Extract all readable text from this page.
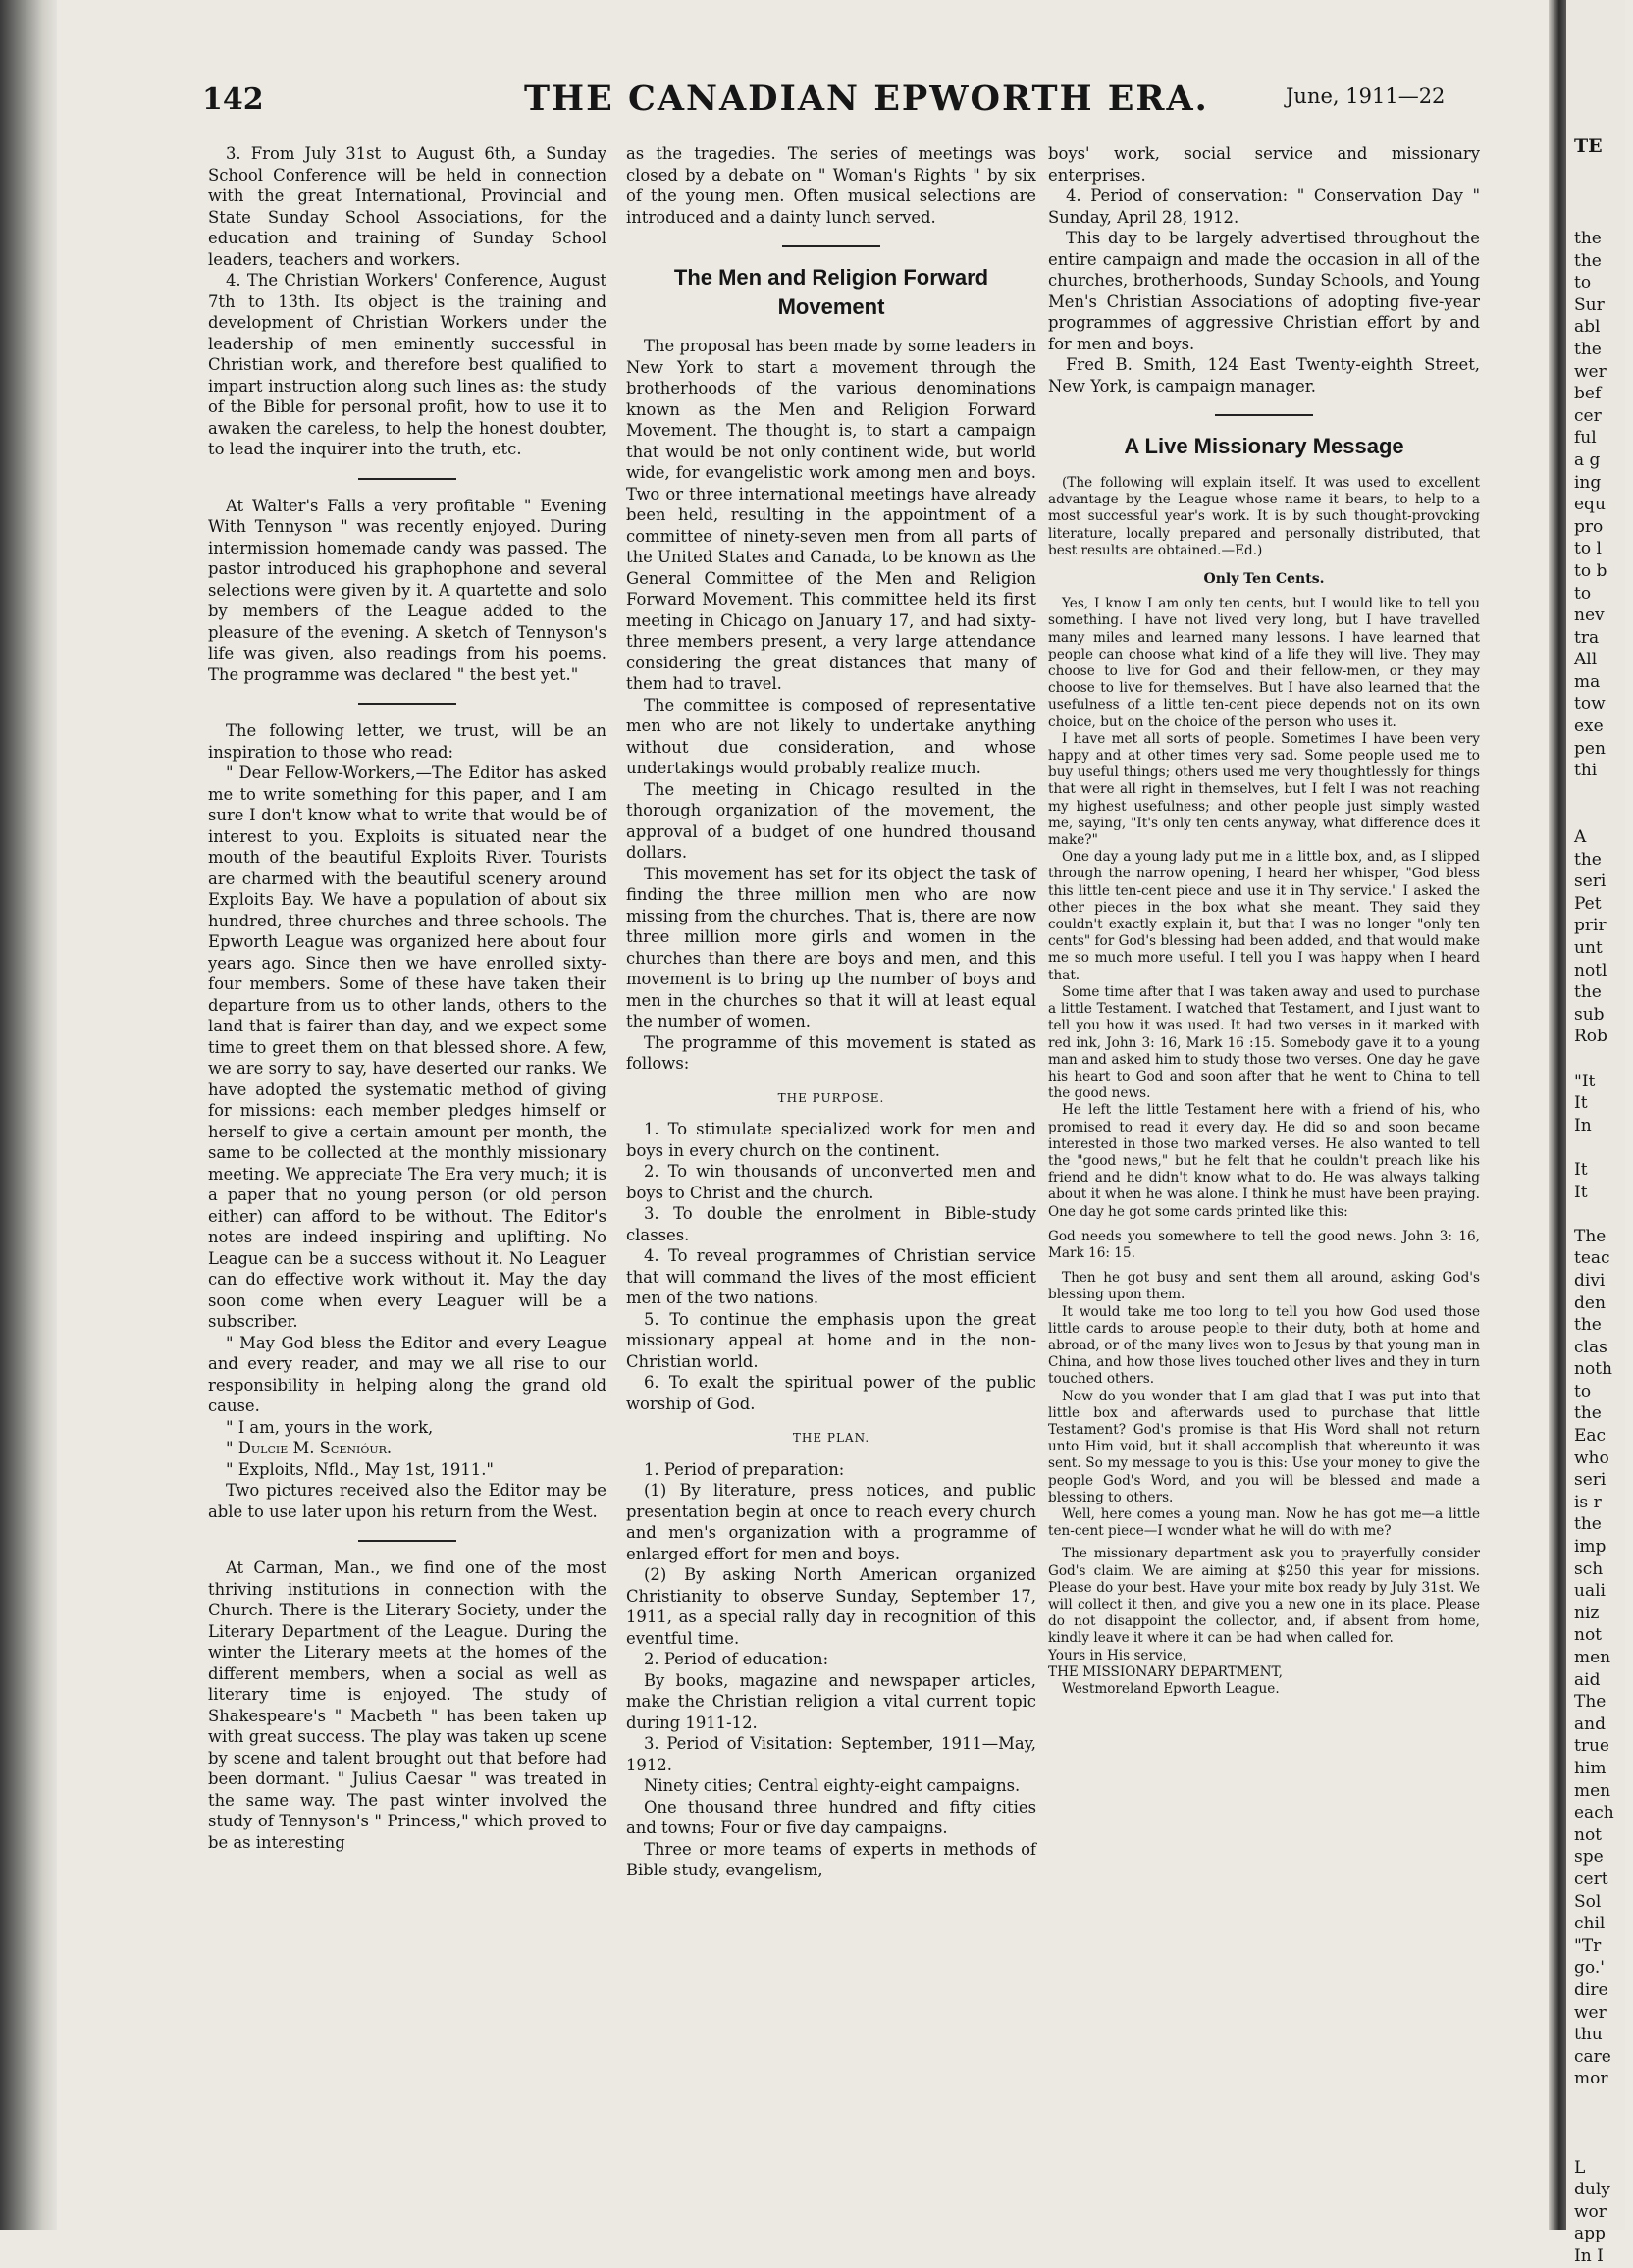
142	THE CANADIAN EPWORTH ERA.	June, 1911—22

3. From July 31st to August 6th, a Sunday School Conference will be held in connection with the great International, Provincial and State Sunday School Associations, for the education and training of Sunday School leaders, teachers and workers.

4. The Christian Workers' Conference, August 7th to 13th. Its object is the training and development of Christian Workers under the leadership of men eminently successful in Christian work, and therefore best qualified to impart instruction along such lines as: the study of the Bible for personal profit, how to use it to awaken the careless, to help the honest doubter, to lead the inquirer into the truth, etc.

At Walter's Falls a very profitable " Evening With Tennyson " was recently enjoyed. During intermission homemade candy was passed. The pastor introduced his graphophone and several selections were given by it. A quartette and solo by members of the League added to the pleasure of the evening. A sketch of Tennyson's life was given, also readings from his poems. The programme was declared " the best yet."

The following letter, we trust, will be an inspiration to those who read:

" Dear Fellow-Workers,—The Editor has asked me to write something for this paper, and I am sure I don't know what to write that would be of interest to you. Exploits is situated near the mouth of the beautiful Exploits River. Tourists are charmed with the beautiful scenery around Exploits Bay. We have a population of about six hundred, three churches and three schools. The Epworth League was organized here about four years ago. Since then we have enrolled sixty-four members. Some of these have taken their departure from us to other lands, others to the land that is fairer than day, and we expect some time to greet them on that blessed shore. A few, we are sorry to say, have deserted our ranks. We have adopted the systematic method of giving for missions: each member pledges himself or herself to give a certain amount per month, the same to be collected at the monthly missionary meeting. We appreciate The Era very much; it is a paper that no young person (or old person either) can afford to be without. The Editor's notes are indeed inspiring and uplifting. No League can be a success without it. No Leaguer can do effective work without it. May the day soon come when every Leaguer will be a subscriber.

" May God bless the Editor and every League and every reader, and may we all rise to our responsibility in helping along the grand old cause.

" I am, yours in the work,

" Dulcie M. Scenióur.

" Exploits, Nfld., May 1st, 1911."

Two pictures received also the Editor may be able to use later upon his return from the West.

At Carman, Man., we find one of the most thriving institutions in connection with the Church. There is the Literary Society, under the Literary Department of the League. During the winter the Literary meets at the homes of the different members, when a social as well as literary time is enjoyed. The study of Shakespeare's " Macbeth " has been taken up with great success. The play was taken up scene by scene and talent brought out that before had been dormant. " Julius Caesar " was treated in the same way. The past winter involved the study of Tennyson's " Princess," which proved to be as interesting

as the tragedies. The series of meetings was closed by a debate on " Woman's Rights " by six of the young men. Often musical selections are introduced and a dainty lunch served.

The Men and Religion Forward Movement

The proposal has been made by some leaders in New York to start a movement through the brotherhoods of the various denominations known as the Men and Religion Forward Movement. The thought is, to start a campaign that would be not only continent wide, but world wide, for evangelistic work among men and boys. Two or three international meetings have already been held, resulting in the appointment of a committee of ninety-seven men from all parts of the United States and Canada, to be known as the General Committee of the Men and Religion Forward Movement. This committee held its first meeting in Chicago on January 17, and had sixty-three members present, a very large attendance considering the great distances that many of them had to travel.

The committee is composed of representative men who are not likely to undertake anything without due consideration, and whose undertakings would probably realize much.

The meeting in Chicago resulted in the thorough organization of the movement, the approval of a budget of one hundred thousand dollars.

This movement has set for its object the task of finding the three million men who are now missing from the churches. That is, there are now three million more girls and women in the churches than there are boys and men, and this movement is to bring up the number of boys and men in the churches so that it will at least equal the number of women.

The programme of this movement is stated as follows:

THE PURPOSE.

1. To stimulate specialized work for men and boys in every church on the continent.

2. To win thousands of unconverted men and boys to Christ and the church.

3. To double the enrolment in Bible-study classes.

4. To reveal programmes of Christian service that will command the lives of the most efficient men of the two nations.

5. To continue the emphasis upon the great missionary appeal at home and in the non-Christian world.

6. To exalt the spiritual power of the public worship of God.

THE PLAN.

1. Period of preparation:

(1) By literature, press notices, and public presentation begin at once to reach every church and men's organization with a programme of enlarged effort for men and boys.

(2) By asking North American organized Christianity to observe Sunday, September 17, 1911, as a special rally day in recognition of this eventful time.

2. Period of education:

By books, magazine and newspaper articles, make the Christian religion a vital current topic during 1911-12.

3. Period of Visitation: September, 1911—May, 1912.

Ninety cities; Central eighty-eight campaigns.

One thousand three hundred and fifty cities and towns; Four or five day campaigns.

Three or more teams of experts in methods of Bible study, evangelism,

boys' work, social service and missionary enterprises.

4. Period of conservation: " Conservation Day " Sunday, April 28, 1912.

This day to be largely advertised throughout the entire campaign and made the occasion in all of the churches, brotherhoods, Sunday Schools, and Young Men's Christian Associations of adopting five-year programmes of aggressive Christian effort by and for men and boys.

Fred B. Smith, 124 East Twenty-eighth Street, New York, is campaign manager.

A Live Missionary Message

(The following will explain itself. It was used to excellent advantage by the League whose name it bears, to help to a most successful year's work. It is by such thought-provoking literature, locally prepared and personally distributed, that best results are obtained.—Ed.)

Only Ten Cents.

Yes, I know I am only ten cents, but I would like to tell you something. I have not lived very long, but I have travelled many miles and learned many lessons. I have learned that people can choose what kind of a life they will live. They may choose to live for God and their fellow-men, or they may choose to live for themselves. But I have also learned that the usefulness of a little ten-cent piece depends not on its own choice, but on the choice of the person who uses it.

I have met all sorts of people. Sometimes I have been very happy and at other times very sad. Some people used me to buy useful things; others used me very thoughtlessly for things that were all right in themselves, but I felt I was not reaching my highest usefulness; and other people just simply wasted me, saying, "It's only ten cents anyway, what difference does it make?"

One day a young lady put me in a little box, and, as I slipped through the narrow opening, I heard her whisper, "God bless this little ten-cent piece and use it in Thy service." I asked the other pieces in the box what she meant. They said they couldn't exactly explain it, but that I was no longer "only ten cents" for God's blessing had been added, and that would make me so much more useful. I tell you I was happy when I heard that.

Some time after that I was taken away and used to purchase a little Testament. I watched that Testament, and I just want to tell you how it was used. It had two verses in it marked with red ink, John 3: 16, Mark 16 :15. Somebody gave it to a young man and asked him to study those two verses. One day he gave his heart to God and soon after that he went to China to tell the good news.

He left the little Testament here with a friend of his, who promised to read it every day. He did so and soon became interested in those two marked verses. He also wanted to tell the "good news," but he felt that he couldn't preach like his friend and he didn't know what to do. He was always talking about it when he was alone. I think he must have been praying. One day he got some cards printed like this:

God needs you somewhere to tell the good news. John 3: 16, Mark 16: 15.

Then he got busy and sent them all around, asking God's blessing upon them.

It would take me too long to tell you how God used those little cards to arouse people to their duty, both at home and abroad, or of the many lives won to Jesus by that young man in China, and how those lives touched other lives and they in turn touched others.

Now do you wonder that I am glad that I was put into that little box and afterwards used to purchase that little Testament? God's promise is that His Word shall not return unto Him void, but it shall accomplish that whereunto it was sent. So my message to you is this: Use your money to give the people God's Word, and you will be blessed and made a blessing to others.

Well, here comes a young man. Now he has got me—a little ten-cent piece—I wonder what he will do with me?

The missionary department ask you to prayerfully consider God's claim. We are aiming at $250 this year for missions. Please do your best. Have your mite box ready by July 31st. We will collect it then, and give you a new one in its place. Please do not disappoint the collector, and, if absent from home, kindly leave it where it can be had when called for.

Yours in His service,

THE MISSIONARY DEPARTMENT,

Westmoreland Epworth League.

TE
the
the
to
Sur
abl
the
wer
bef
cer
ful
a g
ing
equ
pro
to l
to b
to
nev
tra
All
ma
tow
exe
pen
thi
A
the
seri
Pet
prir
unt
notl
the
sub
Rob
"It
It
In
It
It
The
teac
divi
den
the
clas
noth
to
the
Eac
who
seri
is r
the
imp
sch
uali
niz
not
men
aid
The
and
true
him
men
each
not
spe
cert
Sol
chil
"Tr
go.'
dire
wer
thu
care
mor
L
duly
wor
app
In I
